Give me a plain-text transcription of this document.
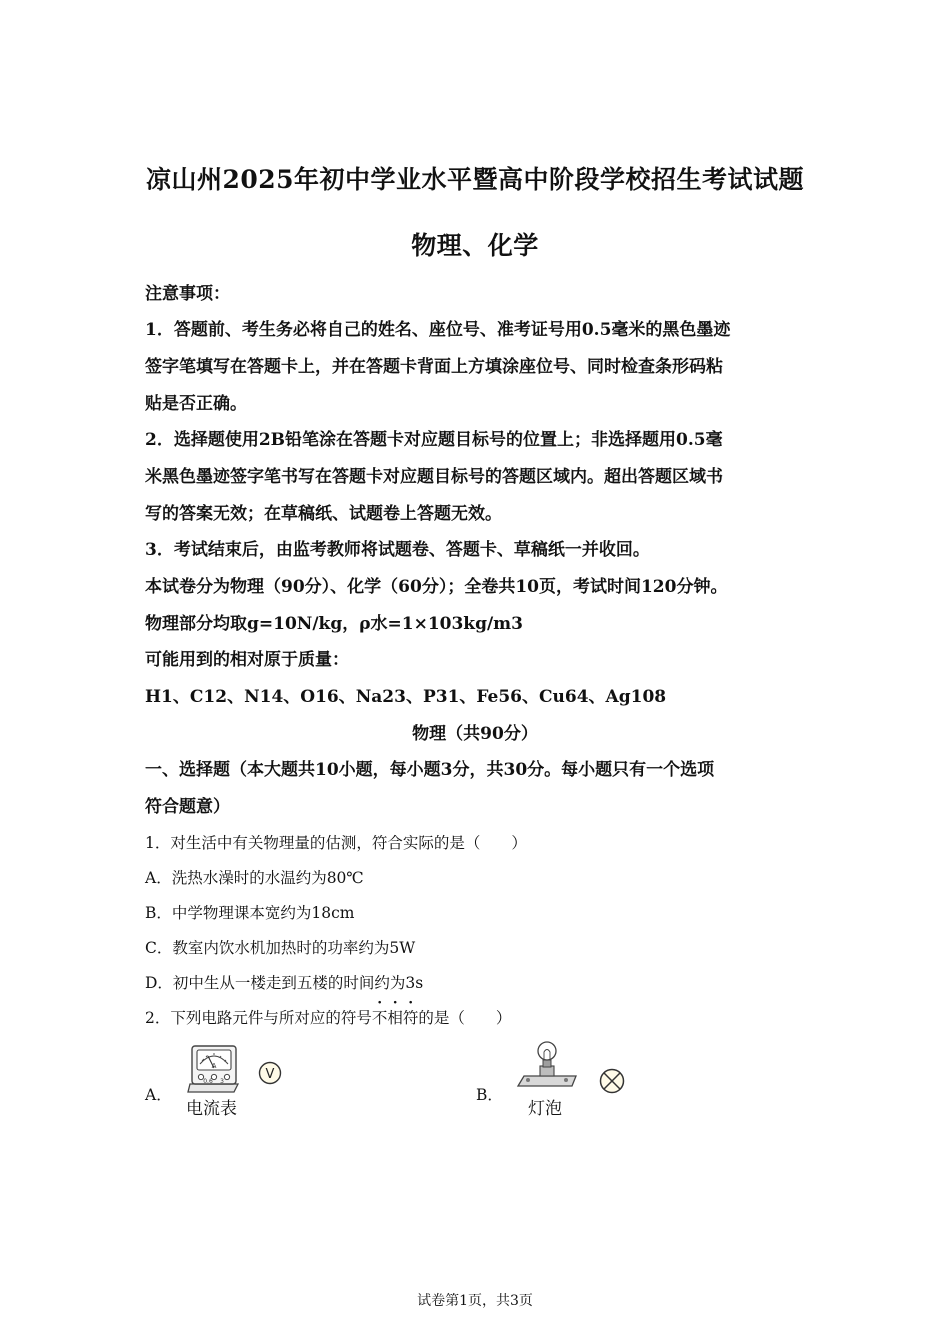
凉山州2025年初中学业水平暨高中阶段学校招生考试试题
物理、化学
注意事项：
1．答题前、考生务必将自己的姓名、座位号、准考证号用0.5毫米的黑色墨迹
签字笔填写在答题卡上，并在答题卡背面上方填涂座位号、同时检查条形码粘
贴是否正确。
2．选择题使用2B铅笔涂在答题卡对应题目标号的位置上；非选择题用0.5毫
米黑色墨迹签字笔书写在答题卡对应题目标号的答题区域内。超出答题区域书
写的答案无效；在草稿纸、试题卷上答题无效。
3．考试结束后，由监考教师将试题卷、答题卡、草稿纸一并收回。
本试卷分为物理（90分）、化学（60分）；全卷共10页，考试时间120分钟。
物理部分均取g=10N/kg，ρ水=1×103kg/m3
可能用到的相对原于质量：
H1、C12、N14、O16、Na23、P31、Fe56、Cu64、Ag108
物理（共90分）
一、选择题（本大题共10小题，每小题3分，共30分。每小题只有一个选项
符合题意）
1．对生活中有关物理量的估测，符合实际的是（　　）
A．洗热水澡时的水温约为80℃
B．中学物理课本宽约为18cm
C．教室内饮水机加热时的功率约为5W
D．初中生从一楼走到五楼的时间约为3s
2．下列电路元件与所对应的符号不相符的是（　　）
A．
A
0.6 3
电流表
V
B．
灯泡
试卷第1页，共3页
